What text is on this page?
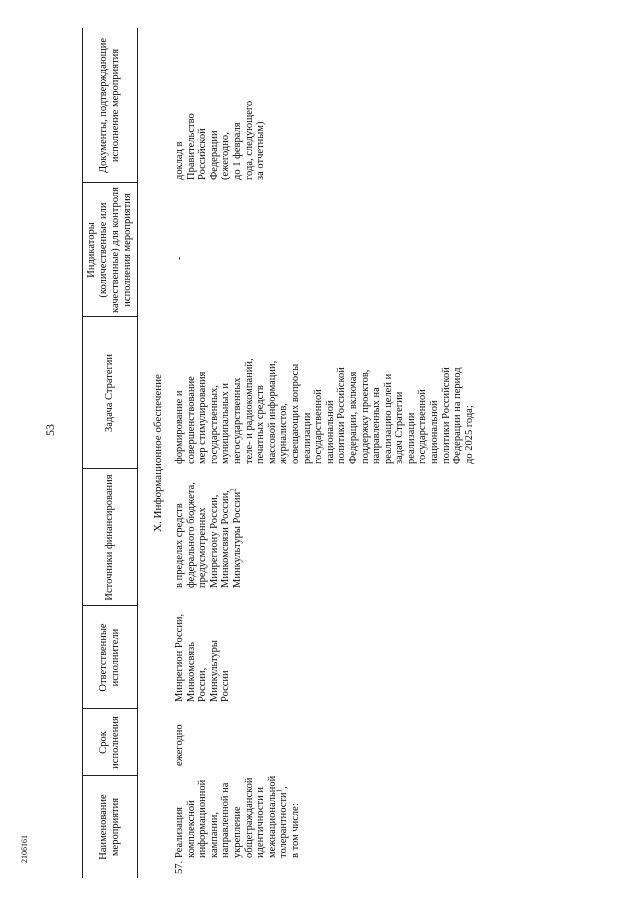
53
2106161	Наименование мероприятия
Срок исполнения
Ответственные исполнители
Источники финансирования
Задача Стратегии
Индикаторы (количественные или качественные) для контроля исполнения мероприятия
Документы, подтверждающие исполнение мероприятия
X. Информационное обеспечение
57.
Реализация
комплексной
информационной
кампании,
направленной на
укрепление
общегражданской
идентичности и
межнациональной
толерантности$^1$,
в том числе:
ежегодно
Минрегион России,
Минкомсвязь
России,
Минкультуры
России
в пределах средств
федерального бюджета,
предусмотренных
Минрегиону России,
Минкомсвязи России,
Минкультуры России$^2$
формирование и
совершенствование
мер стимулирования
государственных,
муниципальных и
негосударственных
теле- и радиокомпаний,
печатных средств
массовой информации,
журналистов,
освещающих вопросы
реализации
государственной
национальной
политики Российской
Федерации, включая
поддержку проектов,
направленных на
реализацию целей и
задач Стратегии
реализации
государственной
национальной
политики Российской
Федерации на период
до 2025 года;
-
доклад в
Правительство
Российской
Федерации
(ежегодно,
до 1 февраля
года, следующего
за отчетным)
